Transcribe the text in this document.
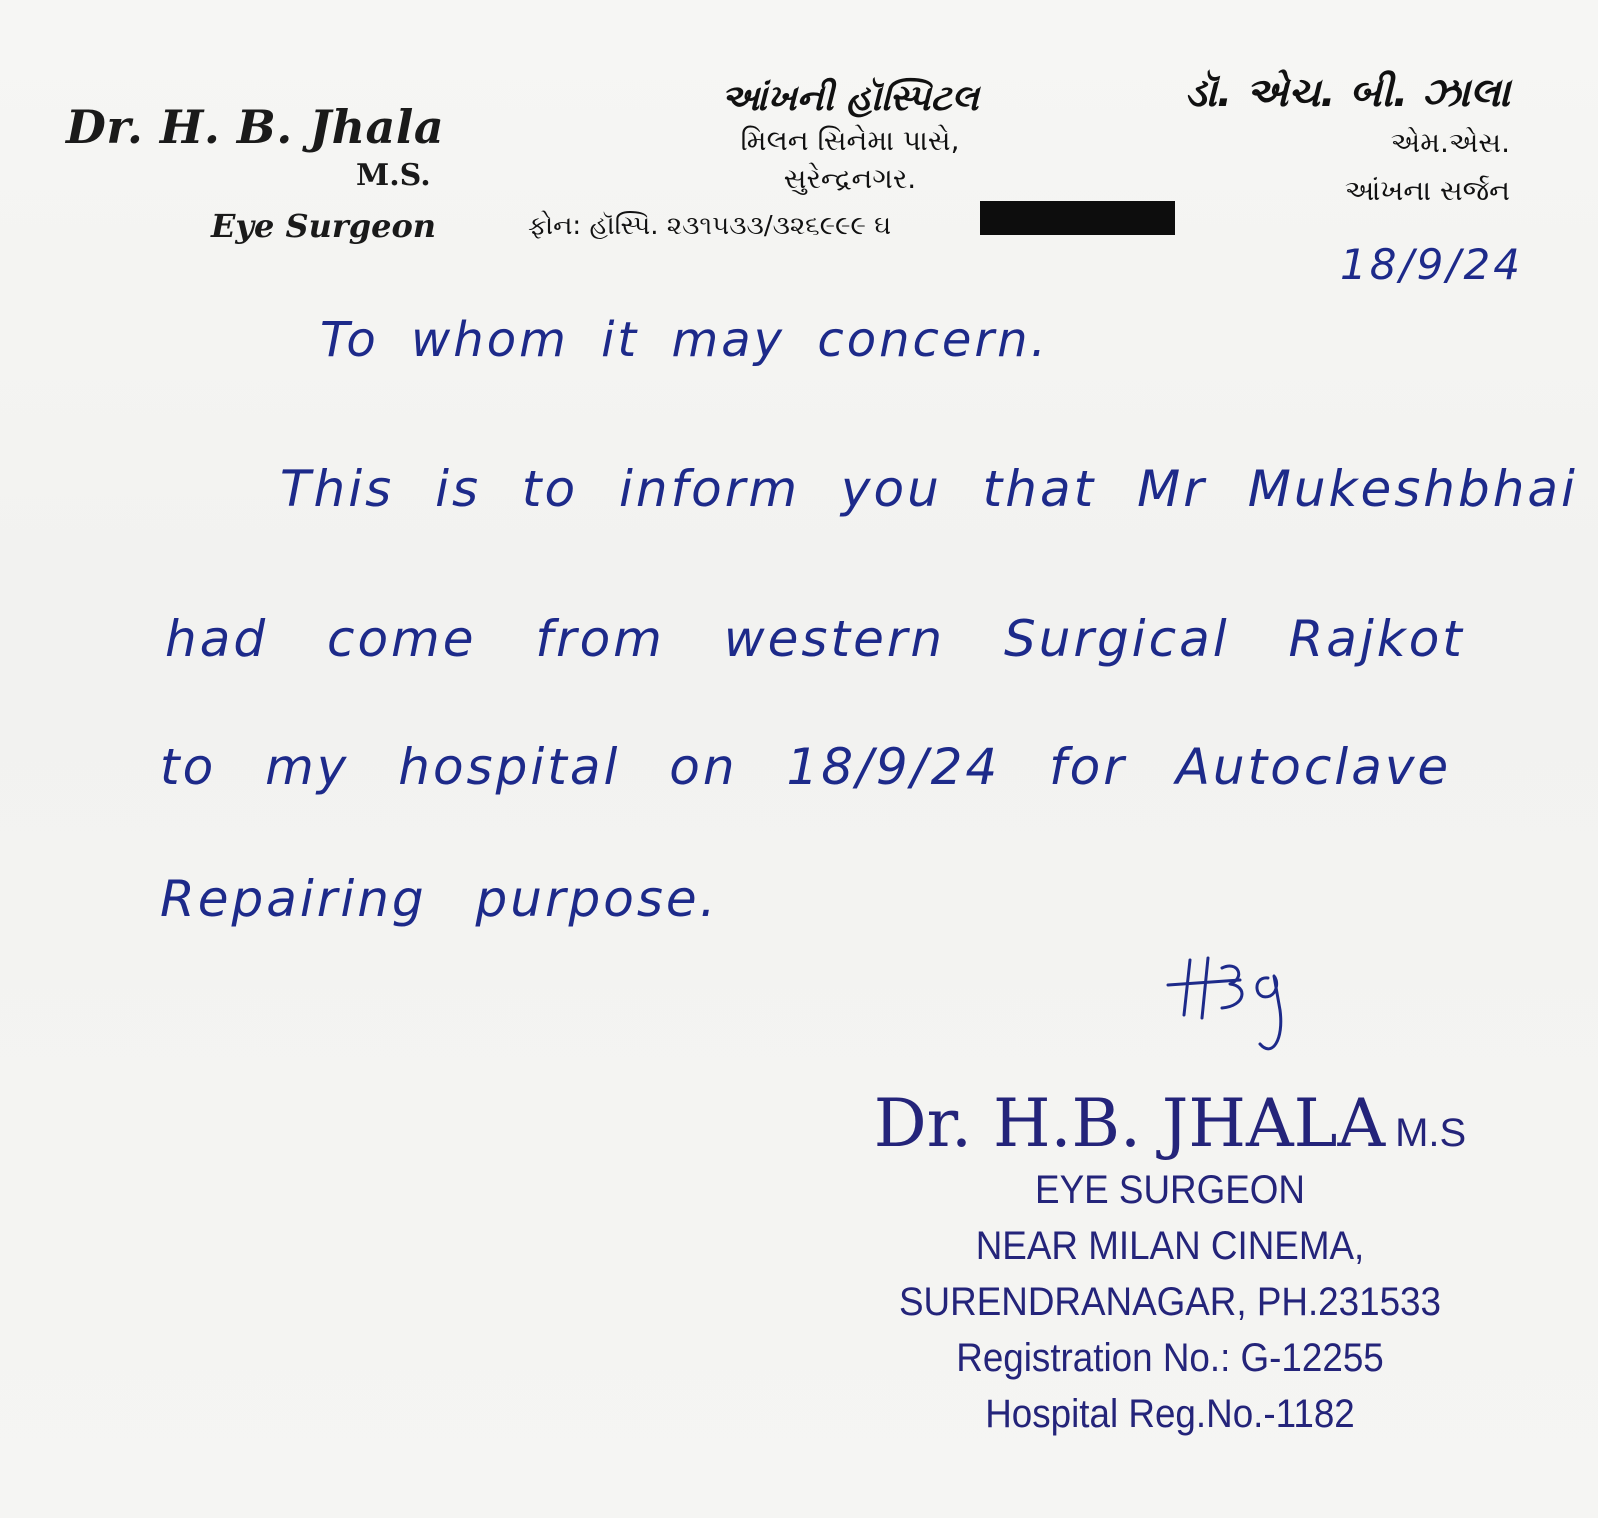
Dr. H. B. Jhala
M.S.
Eye Surgeon
આંખની હૉસ્પિટલ
મિલન સિનેમા પાસે,
સુરેન્દ્રનગર.
ફોન: હૉસ્પિ. ૨૩૧૫૩૩/૩૨૬૯૯૯ ઘ
ડૉ. એચ. બી. ઝાલા
એમ.એસ.
આંખના સર્જન
18/9/24
To whom it may concern.
This is to inform you that Mr Mukeshbhai
had come from western Surgical Rajkot
to my hospital on 18/9/24 for Autoclave
Repairing purpose.
Dr. H.B. JHALA M.S
EYE SURGEON
NEAR MILAN CINEMA,
SURENDRANAGAR, PH.231533
Registration No.: G-12255
Hospital Reg.No.-1182
